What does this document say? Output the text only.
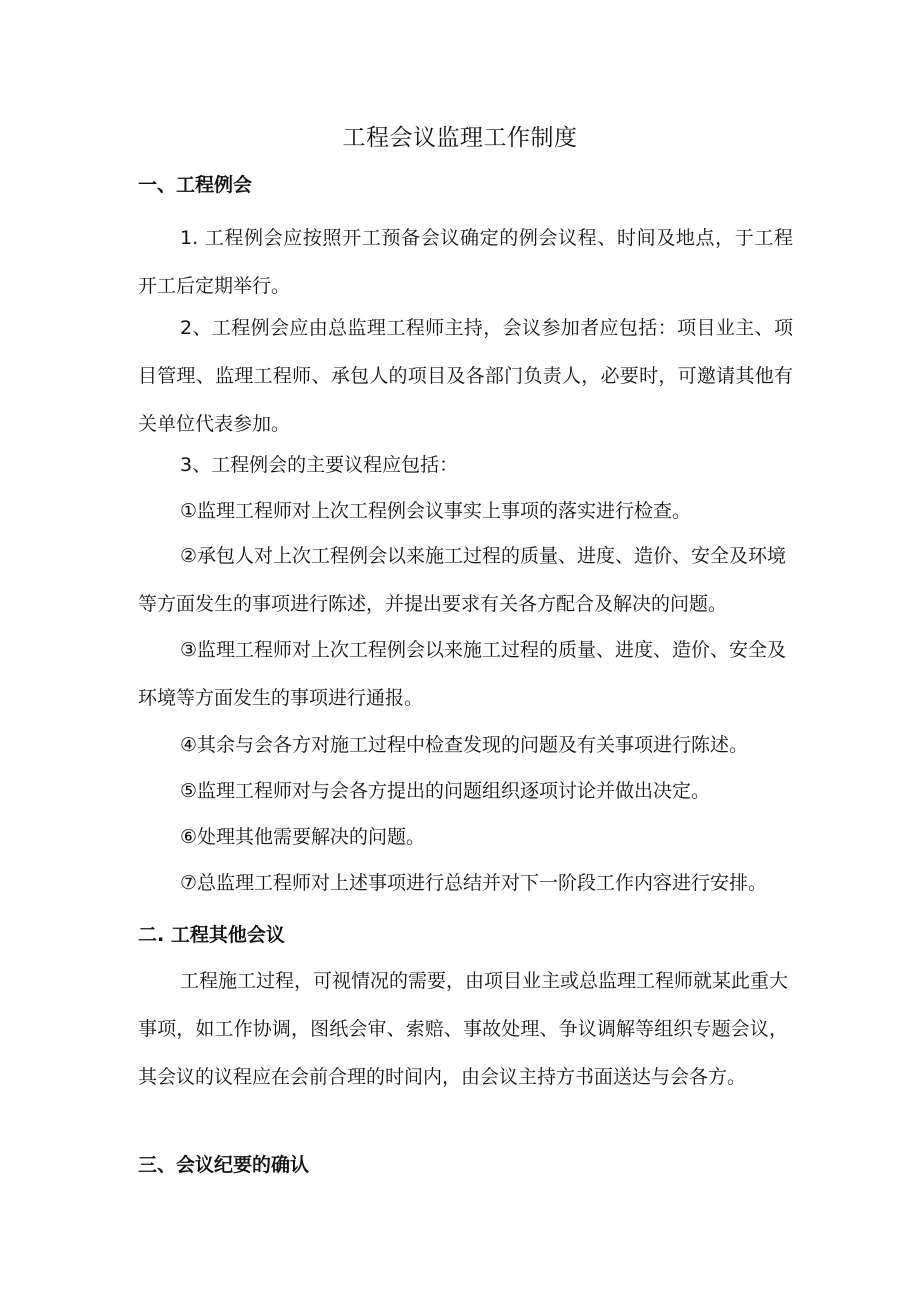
工程会议监理工作制度
一、工程例会

1. 工程例会应按照开工预备会议确定的例会议程、时间及地点，于工程开工后定期举行。

2、工程例会应由总监理工程师主持，会议参加者应包括：项目业主、项目管理、监理工程师、承包人的项目及各部门负责人，必要时，可邀请其他有关单位代表参加。

3、工程例会的主要议程应包括：

①监理工程师对上次工程例会议事实上事项的落实进行检查。

②承包人对上次工程例会以来施工过程的质量、进度、造价、安全及环境等方面发生的事项进行陈述，并提出要求有关各方配合及解决的问题。

③监理工程师对上次工程例会以来施工过程的质量、进度、造价、安全及环境等方面发生的事项进行通报。

④其余与会各方对施工过程中检查发现的问题及有关事项进行陈述。

⑤监理工程师对与会各方提出的问题组织逐项讨论并做出决定。

⑥处理其他需要解决的问题。

⑦总监理工程师对上述事项进行总结并对下一阶段工作内容进行安排。

二. 工程其他会议

工程施工过程，可视情况的需要，由项目业主或总监理工程师就某此重大事项，如工作协调，图纸会审、索赔、事故处理、争议调解等组织专题会议，其会议的议程应在会前合理的时间内，由会议主持方书面送达与会各方。

三、会议纪要的确认
